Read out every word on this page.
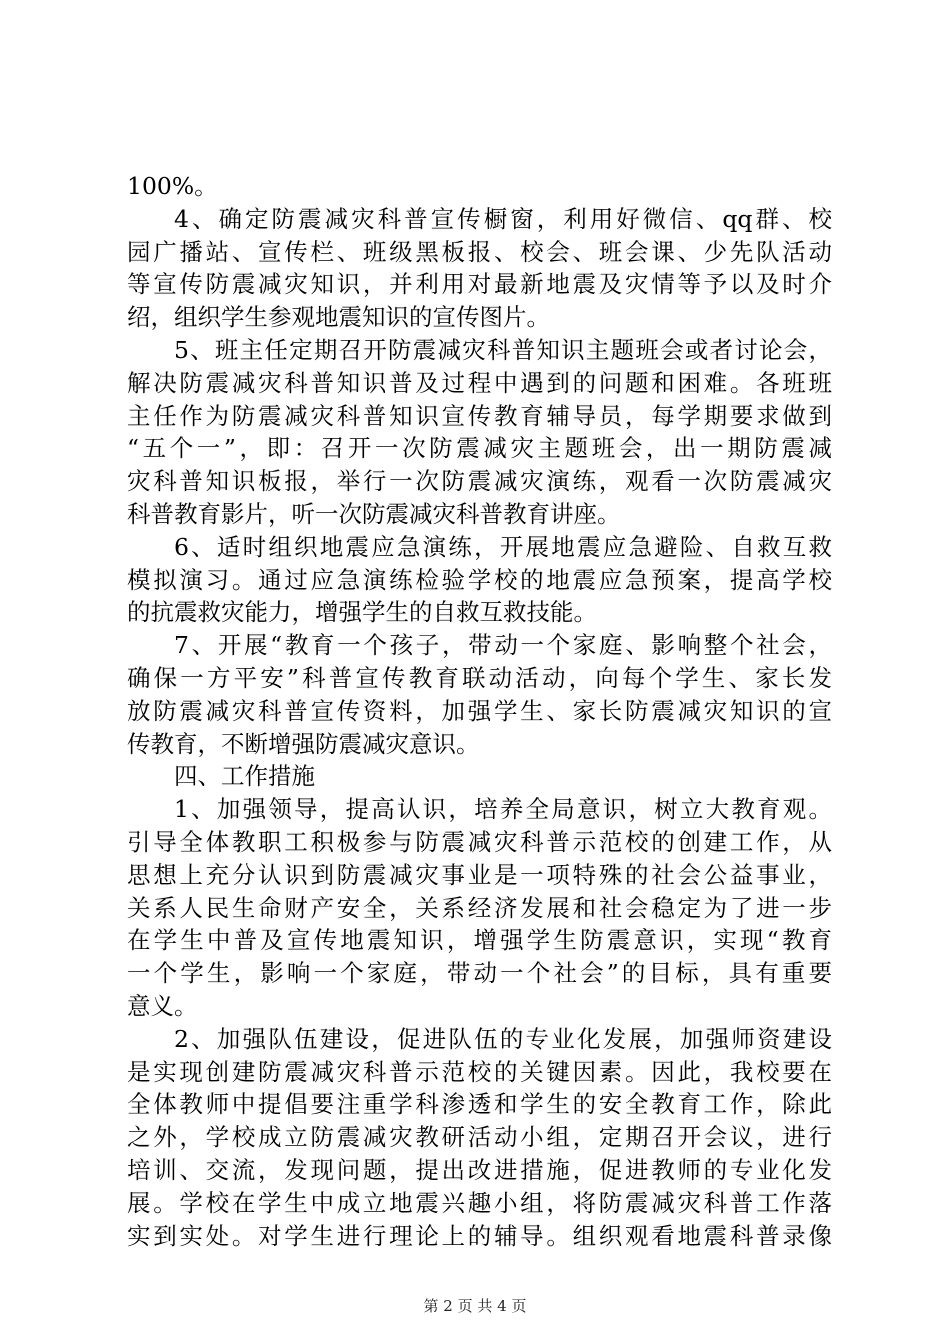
100%。
4、确定防震减灾科普宣传橱窗，利用好微信、qq群、校
园广播站、宣传栏、班级黑板报、校会、班会课、少先队活动
等宣传防震减灾知识，并利用对最新地震及灾情等予以及时介
绍，组织学生参观地震知识的宣传图片。
5、班主任定期召开防震减灾科普知识主题班会或者讨论会，
解决防震减灾科普知识普及过程中遇到的问题和困难。各班班
主任作为防震减灾科普知识宣传教育辅导员，每学期要求做到
“五个一”，即：召开一次防震减灾主题班会，出一期防震减
灾科普知识板报，举行一次防震减灾演练，观看一次防震减灾
科普教育影片，听一次防震减灾科普教育讲座。
6、适时组织地震应急演练，开展地震应急避险、自救互救
模拟演习。通过应急演练检验学校的地震应急预案，提高学校
的抗震救灾能力，增强学生的自救互救技能。
7、开展“教育一个孩子，带动一个家庭、影响整个社会，
确保一方平安”科普宣传教育联动活动，向每个学生、家长发
放防震减灾科普宣传资料，加强学生、家长防震减灾知识的宣
传教育，不断增强防震减灾意识。
四、工作措施
1、加强领导，提高认识，培养全局意识，树立大教育观。
引导全体教职工积极参与防震减灾科普示范校的创建工作，从
思想上充分认识到防震减灾事业是一项特殊的社会公益事业，
关系人民生命财产安全，关系经济发展和社会稳定为了进一步
在学生中普及宣传地震知识，增强学生防震意识，实现“教育
一个学生，影响一个家庭，带动一个社会”的目标，具有重要
意义。
2、加强队伍建设，促进队伍的专业化发展，加强师资建设
是实现创建防震减灾科普示范校的关键因素。因此，我校要在
全体教师中提倡要注重学科渗透和学生的安全教育工作，除此
之外，学校成立防震减灾教研活动小组，定期召开会议，进行
培训、交流，发现问题，提出改进措施，促进教师的专业化发
展。学校在学生中成立地震兴趣小组，将防震减灾科普工作落
实到实处。对学生进行理论上的辅导。组织观看地震科普录像
第 2 页 共 4 页
